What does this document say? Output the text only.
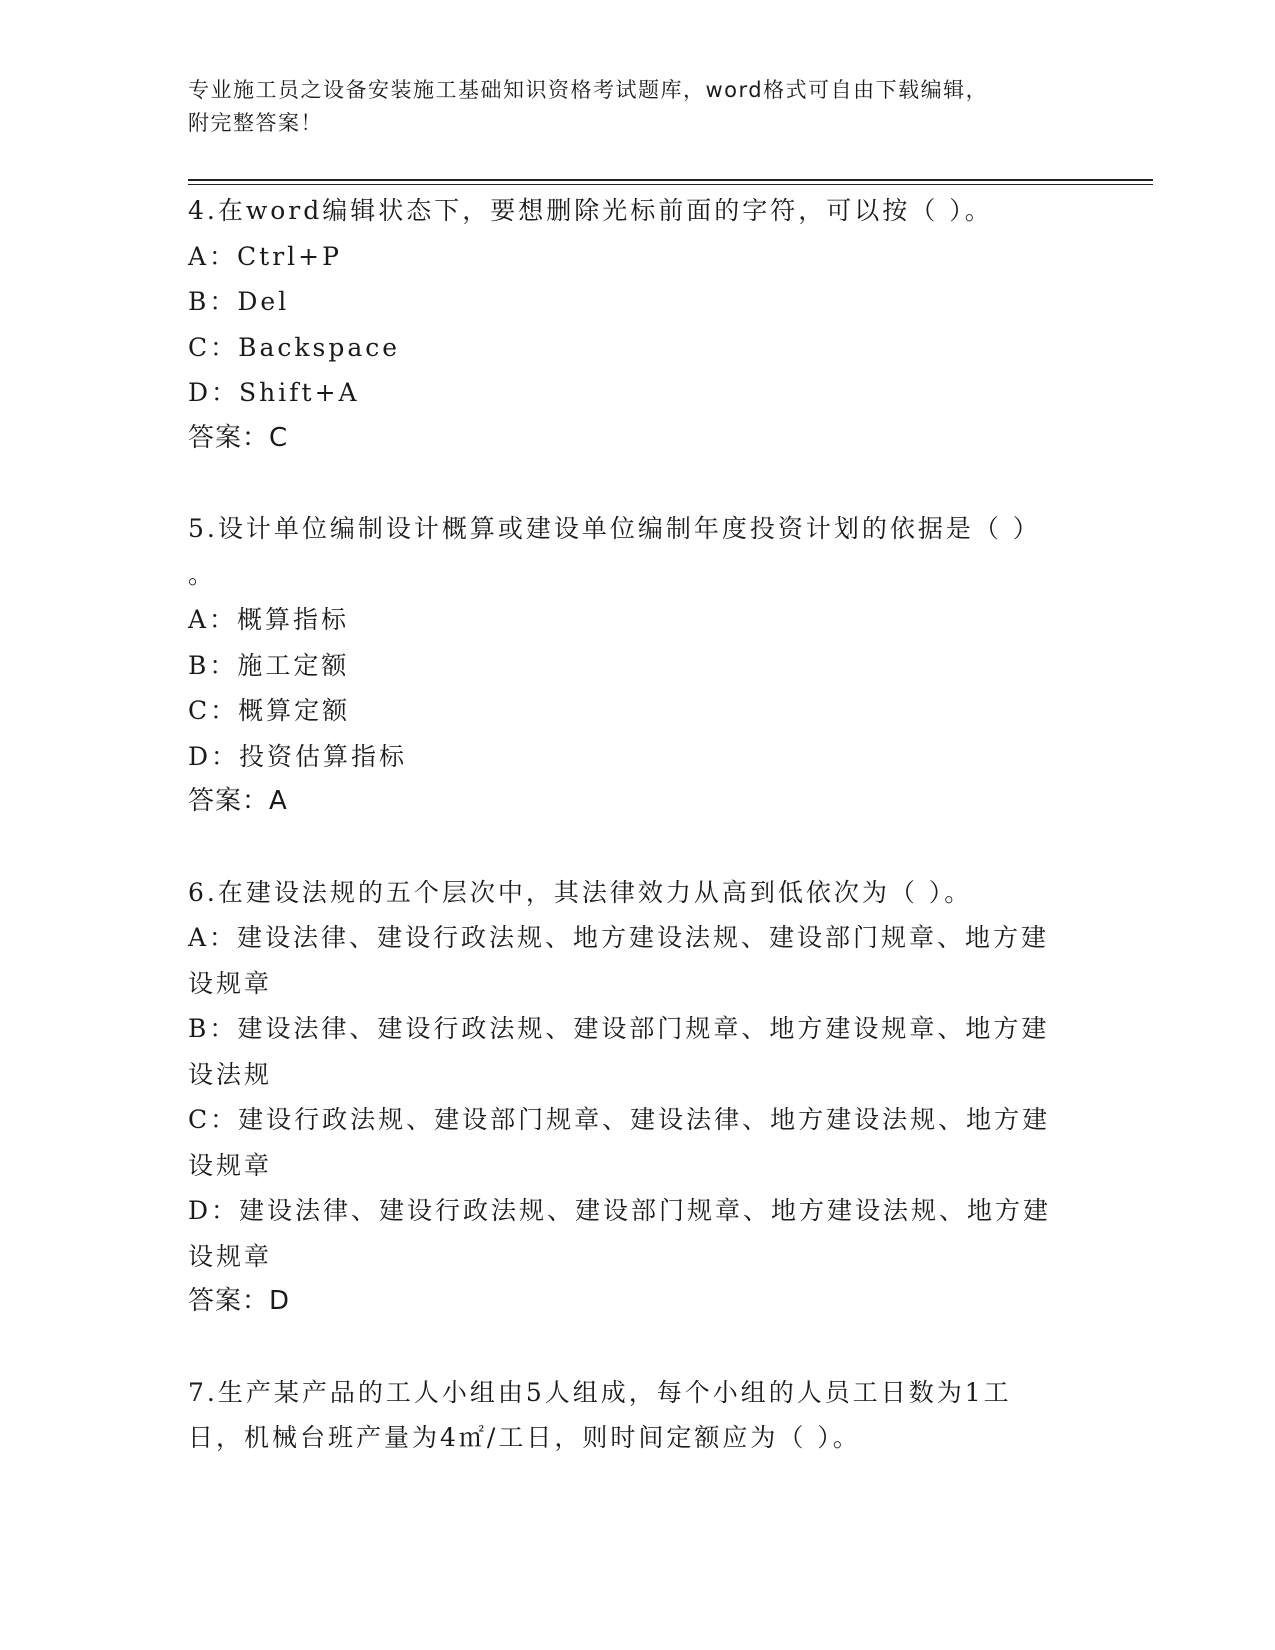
专业施工员之设备安装施工基础知识资格考试题库，word格式可自由下载编辑，
附完整答案！

4.在word编辑状态下，要想删除光标前面的字符，可以按（ ）。

A：Ctrl+P

B：Del

C：Backspace

D：Shift+A

答案：C

5.设计单位编制设计概算或建设单位编制年度投资计划的依据是（ ）

。

A：概算指标

B：施工定额

C：概算定额

D：投资估算指标

答案：A

6.在建设法规的五个层次中，其法律效力从高到低依次为（ ）。

A：建设法律、建设行政法规、地方建设法规、建设部门规章、地方建

设规章

B：建设法律、建设行政法规、建设部门规章、地方建设规章、地方建

设法规

C：建设行政法规、建设部门规章、建设法律、地方建设法规、地方建

设规章

D：建设法律、建设行政法规、建设部门规章、地方建设法规、地方建

设规章

答案：D

7.生产某产品的工人小组由5人组成，每个小组的人员工日数为1工

日，机械台班产量为4㎡/工日，则时间定额应为（ ）。
